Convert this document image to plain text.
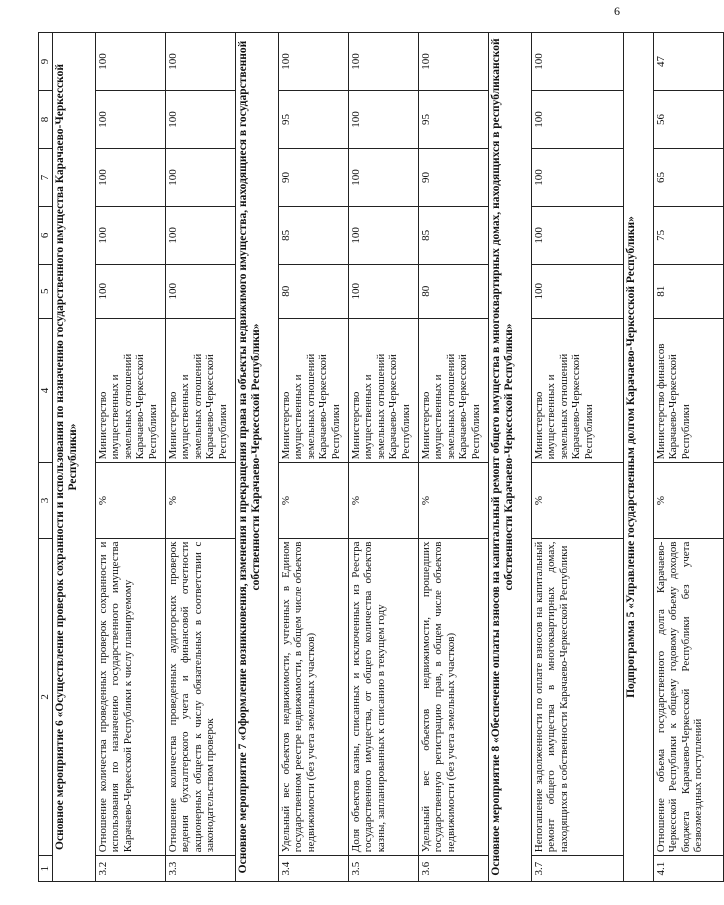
6
1	2	3	4	5	6	7	8	9
Основное мероприятие 6 «Осуществление проверок сохранности и использования по назначению государственного имущества Карачаево-Черкесской Республики»								
3.2	Отношение количества проведенных проверок сохранности и использования по назначению государственного имущества Карачаево-Черкесской Республики к числу планируемому	%	Министерство имущественных и земельных отношений Карачаево-Черкесской Республики	100	100	100	100	100
3.3	Отношение количества проведенных аудиторских проверок ведения бухгалтерского учета и финансовой отчетности акционерных обществ к числу обязательных в соответствии с законодательством проверок	%	Министерство имущественных и земельных отношений Карачаево-Черкесской Республики	100	100	100	100	100
Основное мероприятие 7 «Оформление возникновения, изменения и прекращения права на объекты недвижимого имущества, находящиеся в государственной собственности Карачаево-Черкесской Республики»								
3.4	Удельный вес объектов недвижимости, учтенных в Едином государственном реестре недвижимости, в общем числе объектов недвижимости (без учета земельных участков)	%	Министерство имущественных и земельных отношений Карачаево-Черкесской Республики	80	85	90	95	100
3.5	Доля объектов казны, списанных и исключенных из Реестра государственного имущества, от общего количества объектов казны, запланированных к списанию в текущем году	%	Министерство имущественных и земельных отношений Карачаево-Черкесской Республики	100	100	100	100	100
3.6	Удельный вес объектов недвижимости, прошедших государственную регистрацию прав, в общем числе объектов недвижимости (без учета земельных участков)	%	Министерство имущественных и земельных отношений Карачаево-Черкесской Республики	80	85	90	95	100
Основное мероприятие 8 «Обеспечение оплаты взносов на капитальный ремонт общего имущества в многоквартирных домах, находящихся в республиканской собственности Карачаево-Черкесской Республики»								
3.7	Непогашение задолженности по оплате взносов на капитальный ремонт общего имущества в многоквартирных домах, находящихся в собственности Карачаево-Черкесской Республики	%	Министерство имущественных и земельных отношений Карачаево-Черкесской Республики	100	100	100	100	100
Подпрограмма 5 «Управление государственным долгом Карачаево-Черкесской Республики»								
4.1	Отношение объема государственного долга Карачаево-Черкесской Республики к общему годовому объему доходов бюджета Карачаево-Черкесской Республики без учета безвозмездных поступлений	%	Министерство финансов Карачаево-Черкесской Республики	81	75	65	56	47
